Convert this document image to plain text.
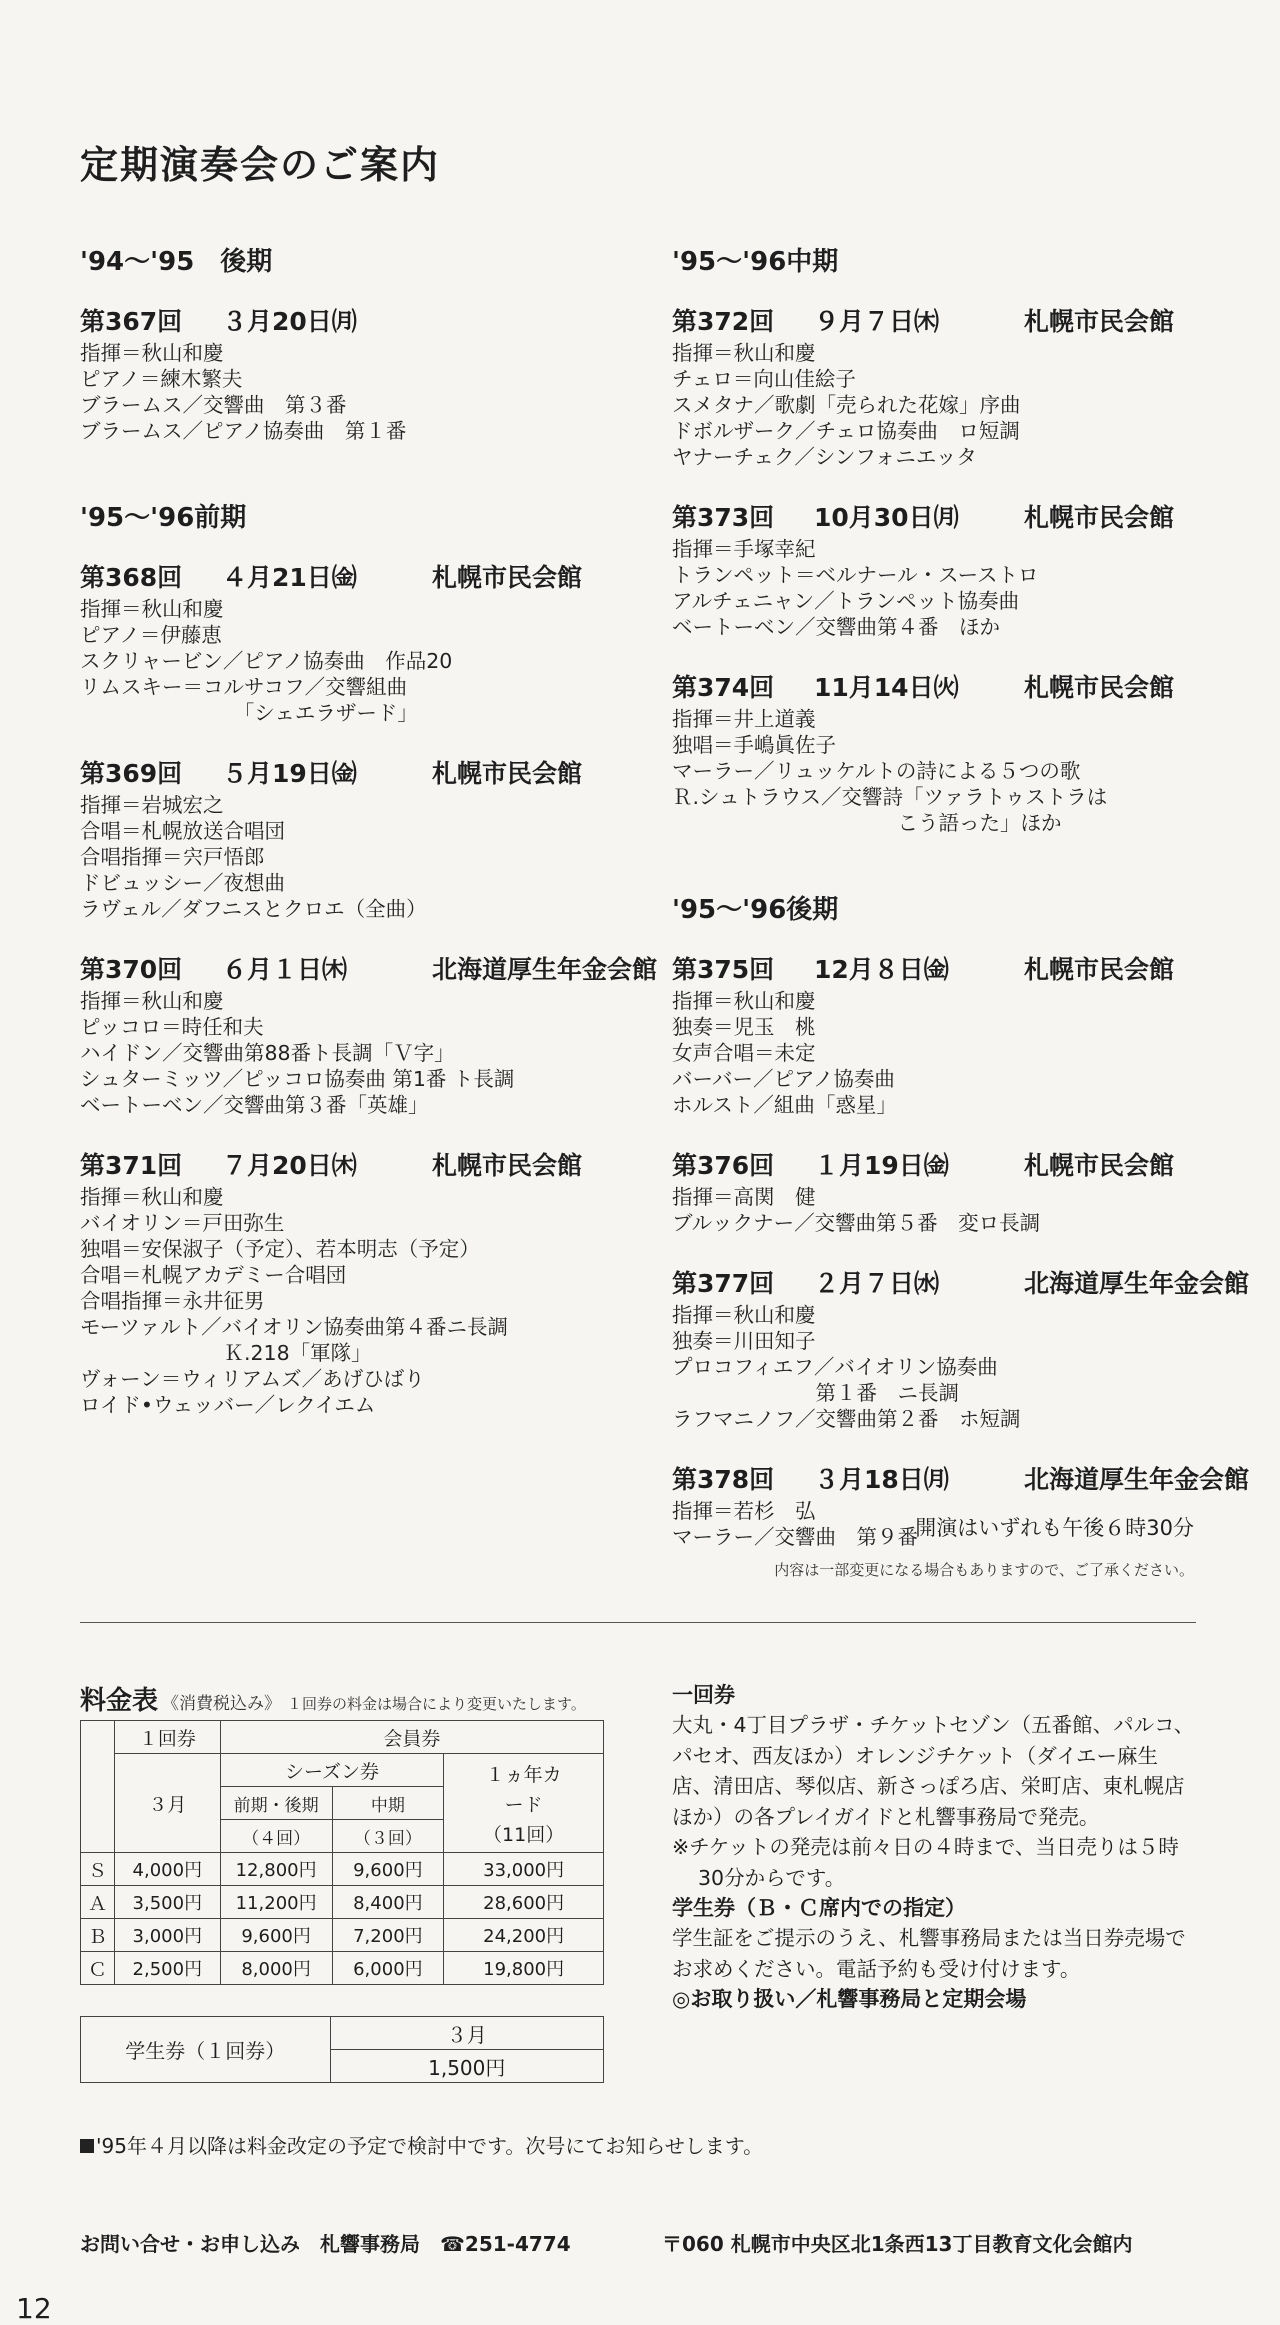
定期演奏会のご案内
'94〜'95　後期
第367回 ３月20日㈪
指揮＝秋山和慶
ピアノ＝練木繁夫
ブラームス／交響曲　第３番
ブラームス／ピアノ協奏曲　第１番
'95〜'96前期
第368回 ４月21日㈮	札幌市民会館
指揮＝秋山和慶
ピアノ＝伊藤恵
スクリャービン／ピアノ協奏曲　作品20
リムスキー＝コルサコフ／交響組曲
　　　　　　　　「シェエラザード」
第369回 ５月19日㈮	札幌市民会館
指揮＝岩城宏之
合唱＝札幌放送合唱団
合唱指揮＝宍戸悟郎
ドビュッシー／夜想曲
ラヴェル／ダフニスとクロエ（全曲）
第370回 ６月１日㈭	北海道厚生年金会館
指揮＝秋山和慶
ピッコロ＝時任和夫
ハイドン／交響曲第88番ト長調「Ｖ字」
シュターミッツ／ピッコロ協奏曲 第1番 ト長調
ベートーベン／交響曲第３番「英雄」
第371回 ７月20日㈭	札幌市民会館
指揮＝秋山和慶
バイオリン＝戸田弥生
独唱＝安保淑子（予定）、若本明志（予定）
合唱＝札幌アカデミー合唱団
合唱指揮＝永井征男
モーツァルト／バイオリン協奏曲第４番ニ長調
　　　　　　　Ｋ.218「軍隊」
ヴォーン＝ウィリアムズ／あげひばり
ロイド•ウェッバー／レクイエム
'95〜'96中期
第372回 ９月７日㈭	札幌市民会館
指揮＝秋山和慶
チェロ＝向山佳絵子
スメタナ／歌劇「売られた花嫁」序曲
ドボルザーク／チェロ協奏曲　ロ短調
ヤナーチェク／シンフォニエッタ
第373回 10月30日㈪	札幌市民会館
指揮＝手塚幸紀
トランペット＝ベルナール・スーストロ
アルチェニャン／トランペット協奏曲
ベートーベン／交響曲第４番　ほか
第374回 11月14日㈫	札幌市民会館
指揮＝井上道義
独唱＝手嶋眞佐子
マーラー／リュッケルトの詩による５つの歌
Ｒ.シュトラウス／交響詩「ツァラトゥストラは
　　　　　　　　　　　こう語った」ほか
'95〜'96後期
第375回 12月８日㈮	札幌市民会館
指揮＝秋山和慶
独奏＝児玉　桃
女声合唱＝未定
バーバー／ピアノ協奏曲
ホルスト／組曲「惑星」
第376回 １月19日㈮	札幌市民会館
指揮＝高関　健
ブルックナー／交響曲第５番　変ロ長調
第377回 ２月７日㈬	北海道厚生年金会館
指揮＝秋山和慶
独奏＝川田知子
プロコフィエフ／バイオリン協奏曲
　　　　　　　第１番　ニ長調
ラフマニノフ／交響曲第２番　ホ短調
第378回 ３月18日㈪	北海道厚生年金会館
指揮＝若杉　弘
マーラー／交響曲　第９番
開演はいずれも午後６時30分
内容は一部変更になる場合もありますので、ご了承ください。
料金表 《消費税込み》 １回券の料金は場合により変更いたします。
	１回券	会員券		
	３月	シーズン券		１ヵ年カード
（11回）
		前期・後期	中期	
		（４回）	（３回）	
Ｓ	4,000円	12,800円	9,600円	33,000円
Ａ	3,500円	11,200円	8,400円	28,600円
Ｂ	3,000円	9,600円	7,200円	24,200円
Ｃ	2,500円	8,000円	6,000円	19,800円
学生券（１回券）	３月
1,500円
一回券
大丸・4丁目プラザ・チケットセゾン（五番館、パルコ、パセオ、西友ほか）オレンジチケット（ダイエー麻生店、清田店、琴似店、新さっぽろ店、栄町店、東札幌店ほか）の各プレイガイドと札響事務局で発売。
※チケットの発売は前々日の４時まで、当日売りは５時30分からです。
学生券（Ｂ・Ｃ席内での指定）
学生証をご提示のうえ、札響事務局または当日券売場でお求めください。電話予約も受け付けます。
◎お取り扱い／札響事務局と定期会場
'95年４月以降は料金改定の予定で検討中です。次号にてお知らせします。
お問い合せ・お申し込み　札響事務局　☎251-4774	〒060 札幌市中央区北1条西13丁目教育文化会館内
12
